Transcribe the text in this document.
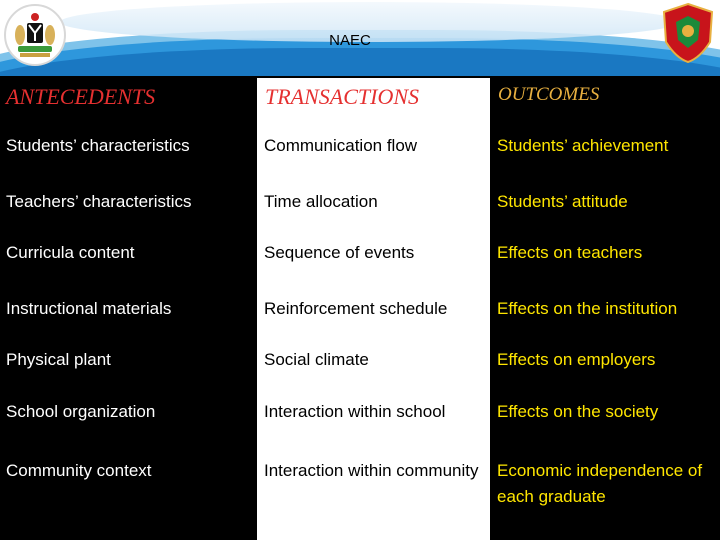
NAEC
ANTECEDENTS	TRANSACTIONS	OUTCOMES
Students’ characteristics	Communication flow	Students’ achievement
Teachers’ characteristics	Time allocation	Students’ attitude
Curricula content	Sequence of events	Effects on teachers
Instructional materials	Reinforcement schedule	Effects on the institution
Physical plant	Social climate	Effects on employers
School organization	Interaction within school	Effects on the society
Community context	Interaction within community	Economic independence of each graduate
